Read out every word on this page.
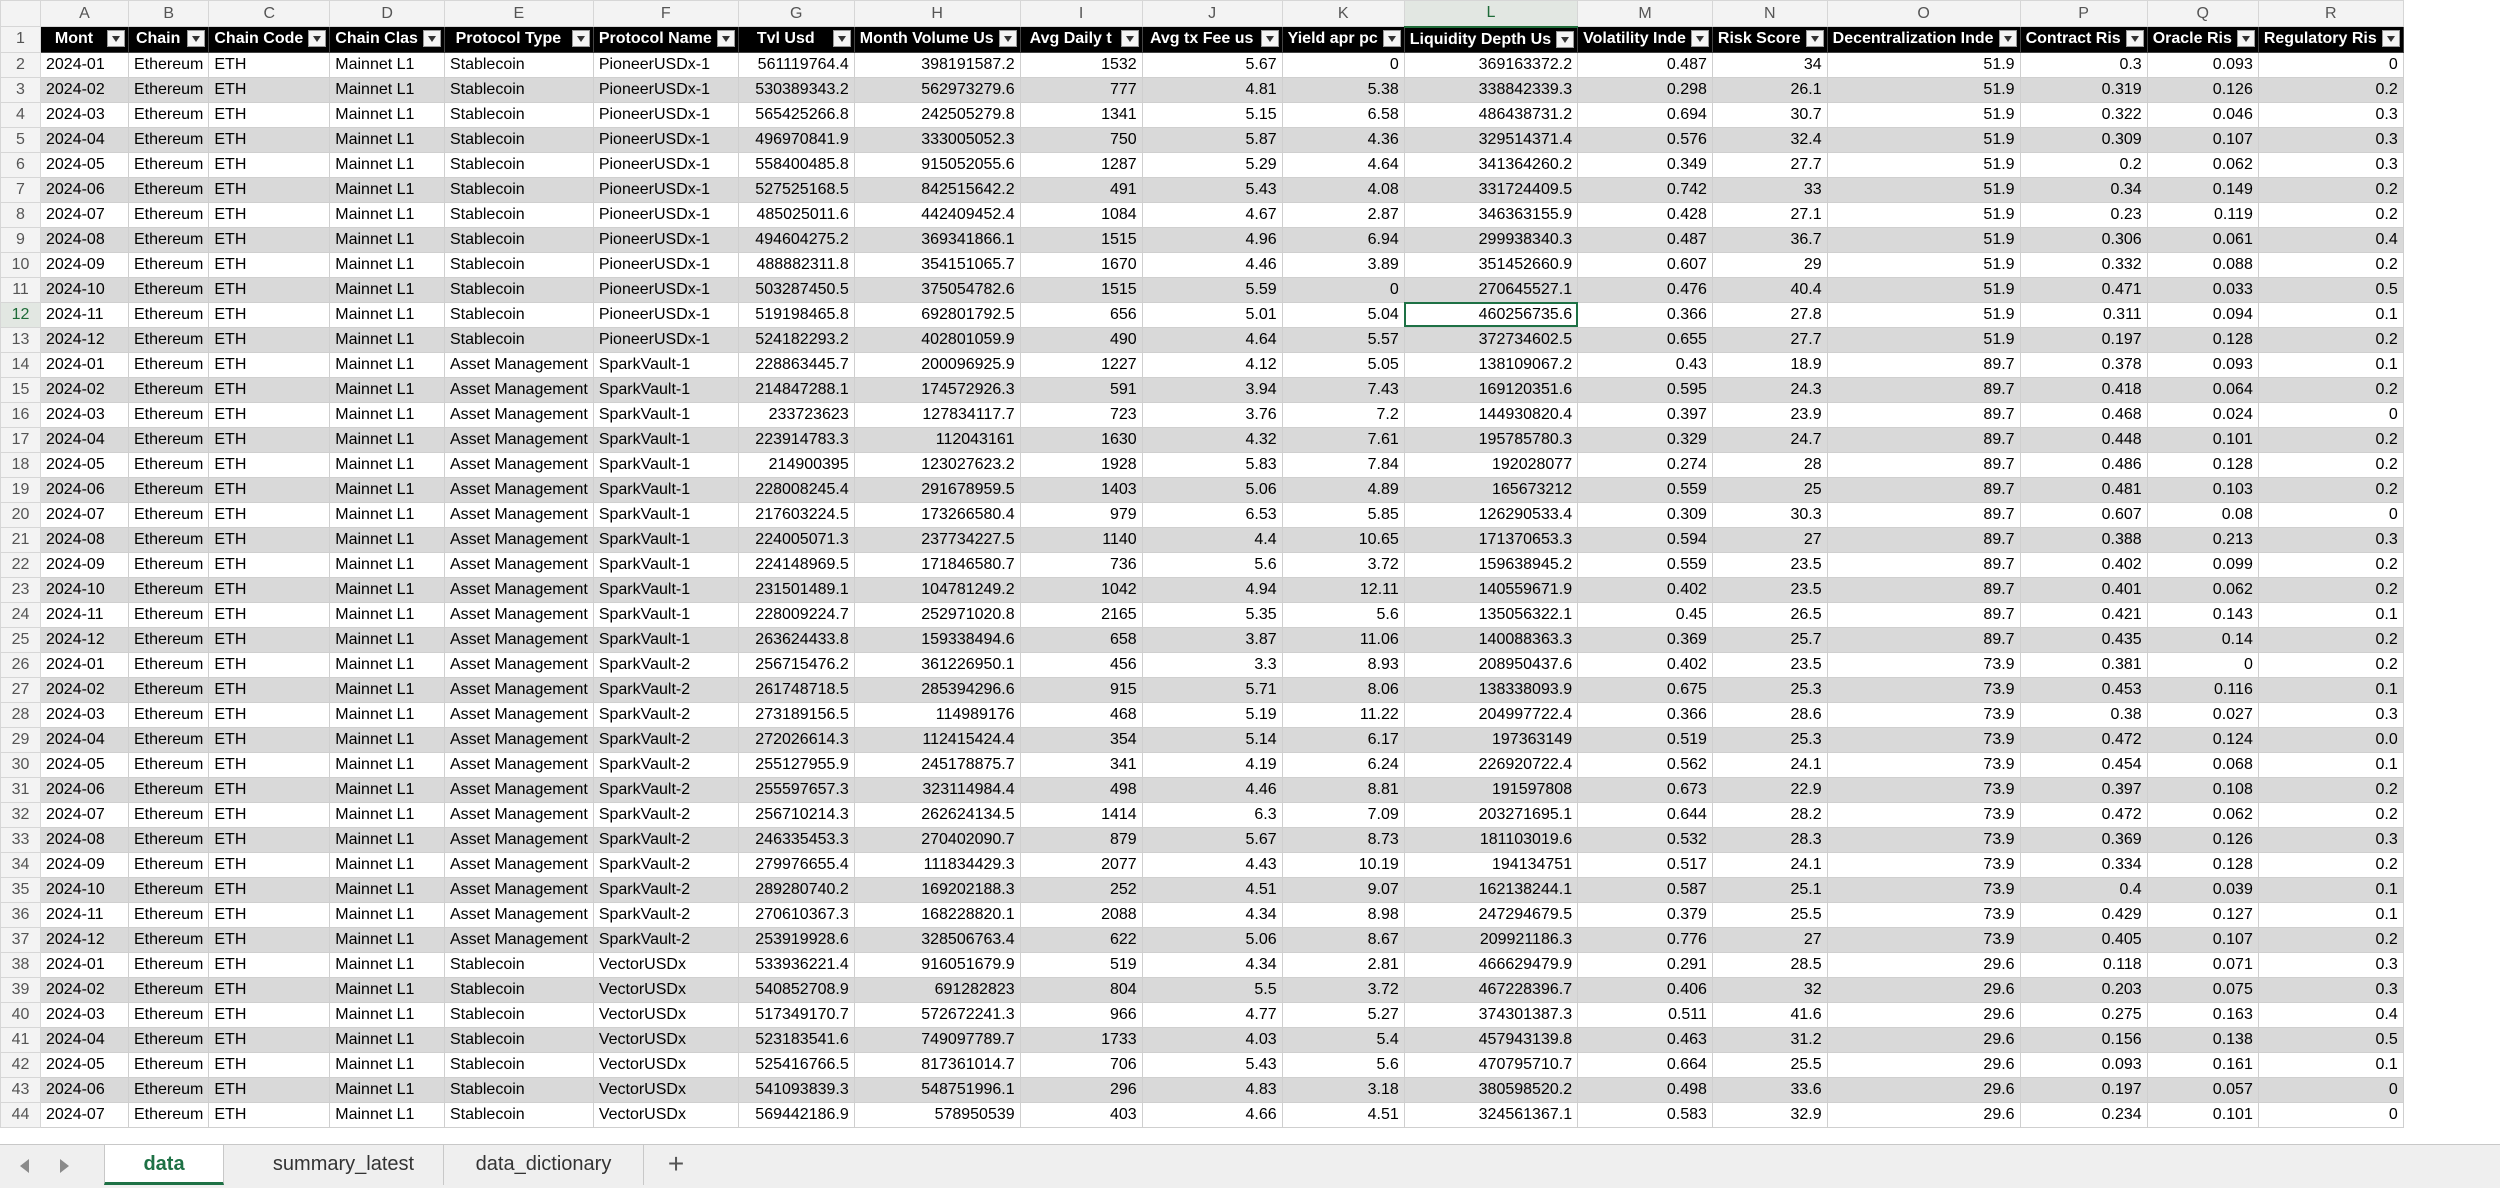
	A	B	C	D	E	F	G	H	I	J	K	L	M	N	O	P	Q	R
1	Mont	Chain	Chain Code	Chain Clas	Protocol Type	Protocol Name	Tvl Usd	Month Volume Us	Avg Daily t	Avg tx Fee us	Yield apr pc	Liquidity Depth Us	Volatility Inde	Risk Score	Decentralization Inde	Contract Ris	Oracle Ris	Regulatory Ris

2	2024-01	Ethereum	ETH	Mainnet L1	Stablecoin	PioneerUSDx-1	561119764.4	398191587.2	1532	5.67	0	369163372.2	0.487	34	51.9	0.3	0.093	0
3	2024-02	Ethereum	ETH	Mainnet L1	Stablecoin	PioneerUSDx-1	530389343.2	562973279.6	777	4.81	5.38	338842339.3	0.298	26.1	51.9	0.319	0.126	0.2
4	2024-03	Ethereum	ETH	Mainnet L1	Stablecoin	PioneerUSDx-1	565425266.8	242505279.8	1341	5.15	6.58	486438731.2	0.694	30.7	51.9	0.322	0.046	0.3
5	2024-04	Ethereum	ETH	Mainnet L1	Stablecoin	PioneerUSDx-1	496970841.9	333005052.3	750	5.87	4.36	329514371.4	0.576	32.4	51.9	0.309	0.107	0.3
6	2024-05	Ethereum	ETH	Mainnet L1	Stablecoin	PioneerUSDx-1	558400485.8	915052055.6	1287	5.29	4.64	341364260.2	0.349	27.7	51.9	0.2	0.062	0.3
7	2024-06	Ethereum	ETH	Mainnet L1	Stablecoin	PioneerUSDx-1	527525168.5	842515642.2	491	5.43	4.08	331724409.5	0.742	33	51.9	0.34	0.149	0.2
8	2024-07	Ethereum	ETH	Mainnet L1	Stablecoin	PioneerUSDx-1	485025011.6	442409452.4	1084	4.67	2.87	346363155.9	0.428	27.1	51.9	0.23	0.119	0.2
9	2024-08	Ethereum	ETH	Mainnet L1	Stablecoin	PioneerUSDx-1	494604275.2	369341866.1	1515	4.96	6.94	299938340.3	0.487	36.7	51.9	0.306	0.061	0.4
10	2024-09	Ethereum	ETH	Mainnet L1	Stablecoin	PioneerUSDx-1	488882311.8	354151065.7	1670	4.46	3.89	351452660.9	0.607	29	51.9	0.332	0.088	0.2
11	2024-10	Ethereum	ETH	Mainnet L1	Stablecoin	PioneerUSDx-1	503287450.5	375054782.6	1515	5.59	0	270645527.1	0.476	40.4	51.9	0.471	0.033	0.5
12	2024-11	Ethereum	ETH	Mainnet L1	Stablecoin	PioneerUSDx-1	519198465.8	692801792.5	656	5.01	5.04	460256735.6	0.366	27.8	51.9	0.311	0.094	0.1
13	2024-12	Ethereum	ETH	Mainnet L1	Stablecoin	PioneerUSDx-1	524182293.2	402801059.9	490	4.64	5.57	372734602.5	0.655	27.7	51.9	0.197	0.128	0.2
14	2024-01	Ethereum	ETH	Mainnet L1	Asset Management	SparkVault-1	228863445.7	200096925.9	1227	4.12	5.05	138109067.2	0.43	18.9	89.7	0.378	0.093	0.1
15	2024-02	Ethereum	ETH	Mainnet L1	Asset Management	SparkVault-1	214847288.1	174572926.3	591	3.94	7.43	169120351.6	0.595	24.3	89.7	0.418	0.064	0.2
16	2024-03	Ethereum	ETH	Mainnet L1	Asset Management	SparkVault-1	233723623	127834117.7	723	3.76	7.2	144930820.4	0.397	23.9	89.7	0.468	0.024	0
17	2024-04	Ethereum	ETH	Mainnet L1	Asset Management	SparkVault-1	223914783.3	112043161	1630	4.32	7.61	195785780.3	0.329	24.7	89.7	0.448	0.101	0.2
18	2024-05	Ethereum	ETH	Mainnet L1	Asset Management	SparkVault-1	214900395	123027623.2	1928	5.83	7.84	192028077	0.274	28	89.7	0.486	0.128	0.2
19	2024-06	Ethereum	ETH	Mainnet L1	Asset Management	SparkVault-1	228008245.4	291678959.5	1403	5.06	4.89	165673212	0.559	25	89.7	0.481	0.103	0.2
20	2024-07	Ethereum	ETH	Mainnet L1	Asset Management	SparkVault-1	217603224.5	173266580.4	979	6.53	5.85	126290533.4	0.309	30.3	89.7	0.607	0.08	0
21	2024-08	Ethereum	ETH	Mainnet L1	Asset Management	SparkVault-1	224005071.3	237734227.5	1140	4.4	10.65	171370653.3	0.594	27	89.7	0.388	0.213	0.3
22	2024-09	Ethereum	ETH	Mainnet L1	Asset Management	SparkVault-1	224148969.5	171846580.7	736	5.6	3.72	159638945.2	0.559	23.5	89.7	0.402	0.099	0.2
23	2024-10	Ethereum	ETH	Mainnet L1	Asset Management	SparkVault-1	231501489.1	104781249.2	1042	4.94	12.11	140559671.9	0.402	23.5	89.7	0.401	0.062	0.2
24	2024-11	Ethereum	ETH	Mainnet L1	Asset Management	SparkVault-1	228009224.7	252971020.8	2165	5.35	5.6	135056322.1	0.45	26.5	89.7	0.421	0.143	0.1
25	2024-12	Ethereum	ETH	Mainnet L1	Asset Management	SparkVault-1	263624433.8	159338494.6	658	3.87	11.06	140088363.3	0.369	25.7	89.7	0.435	0.14	0.2
26	2024-01	Ethereum	ETH	Mainnet L1	Asset Management	SparkVault-2	256715476.2	361226950.1	456	3.3	8.93	208950437.6	0.402	23.5	73.9	0.381	0	0.2
27	2024-02	Ethereum	ETH	Mainnet L1	Asset Management	SparkVault-2	261748718.5	285394296.6	915	5.71	8.06	138338093.9	0.675	25.3	73.9	0.453	0.116	0.1
28	2024-03	Ethereum	ETH	Mainnet L1	Asset Management	SparkVault-2	273189156.5	114989176	468	5.19	11.22	204997722.4	0.366	28.6	73.9	0.38	0.027	0.3
29	2024-04	Ethereum	ETH	Mainnet L1	Asset Management	SparkVault-2	272026614.3	112415424.4	354	5.14	6.17	197363149	0.519	25.3	73.9	0.472	0.124	0.0
30	2024-05	Ethereum	ETH	Mainnet L1	Asset Management	SparkVault-2	255127955.9	245178875.7	341	4.19	6.24	226920722.4	0.562	24.1	73.9	0.454	0.068	0.1
31	2024-06	Ethereum	ETH	Mainnet L1	Asset Management	SparkVault-2	255597657.3	323114984.4	498	4.46	8.81	191597808	0.673	22.9	73.9	0.397	0.108	0.2
32	2024-07	Ethereum	ETH	Mainnet L1	Asset Management	SparkVault-2	256710214.3	262624134.5	1414	6.3	7.09	203271695.1	0.644	28.2	73.9	0.472	0.062	0.2
33	2024-08	Ethereum	ETH	Mainnet L1	Asset Management	SparkVault-2	246335453.3	270402090.7	879	5.67	8.73	181103019.6	0.532	28.3	73.9	0.369	0.126	0.3
34	2024-09	Ethereum	ETH	Mainnet L1	Asset Management	SparkVault-2	279976655.4	111834429.3	2077	4.43	10.19	194134751	0.517	24.1	73.9	0.334	0.128	0.2
35	2024-10	Ethereum	ETH	Mainnet L1	Asset Management	SparkVault-2	289280740.2	169202188.3	252	4.51	9.07	162138244.1	0.587	25.1	73.9	0.4	0.039	0.1
36	2024-11	Ethereum	ETH	Mainnet L1	Asset Management	SparkVault-2	270610367.3	168228820.1	2088	4.34	8.98	247294679.5	0.379	25.5	73.9	0.429	0.127	0.1
37	2024-12	Ethereum	ETH	Mainnet L1	Asset Management	SparkVault-2	253919928.6	328506763.4	622	5.06	8.67	209921186.3	0.776	27	73.9	0.405	0.107	0.2
38	2024-01	Ethereum	ETH	Mainnet L1	Stablecoin	VectorUSDx	533936221.4	916051679.9	519	4.34	2.81	466629479.9	0.291	28.5	29.6	0.118	0.071	0.3
39	2024-02	Ethereum	ETH	Mainnet L1	Stablecoin	VectorUSDx	540852708.9	691282823	804	5.5	3.72	467228396.7	0.406	32	29.6	0.203	0.075	0.3
40	2024-03	Ethereum	ETH	Mainnet L1	Stablecoin	VectorUSDx	517349170.7	572672241.3	966	4.77	5.27	374301387.3	0.511	41.6	29.6	0.275	0.163	0.4
41	2024-04	Ethereum	ETH	Mainnet L1	Stablecoin	VectorUSDx	523183541.6	749097789.7	1733	4.03	5.4	457943139.8	0.463	31.2	29.6	0.156	0.138	0.5
42	2024-05	Ethereum	ETH	Mainnet L1	Stablecoin	VectorUSDx	525416766.5	817361014.7	706	5.43	5.6	470795710.7	0.664	25.5	29.6	0.093	0.161	0.1
43	2024-06	Ethereum	ETH	Mainnet L1	Stablecoin	VectorUSDx	541093839.3	548751996.1	296	4.83	3.18	380598520.2	0.498	33.6	29.6	0.197	0.057	0
44	2024-07	Ethereum	ETH	Mainnet L1	Stablecoin	VectorUSDx	569442186.9	578950539	403	4.66	4.51	324561367.1	0.583	32.9	29.6	0.234	0.101	0
data	summary_latest	data_dictionary	+
